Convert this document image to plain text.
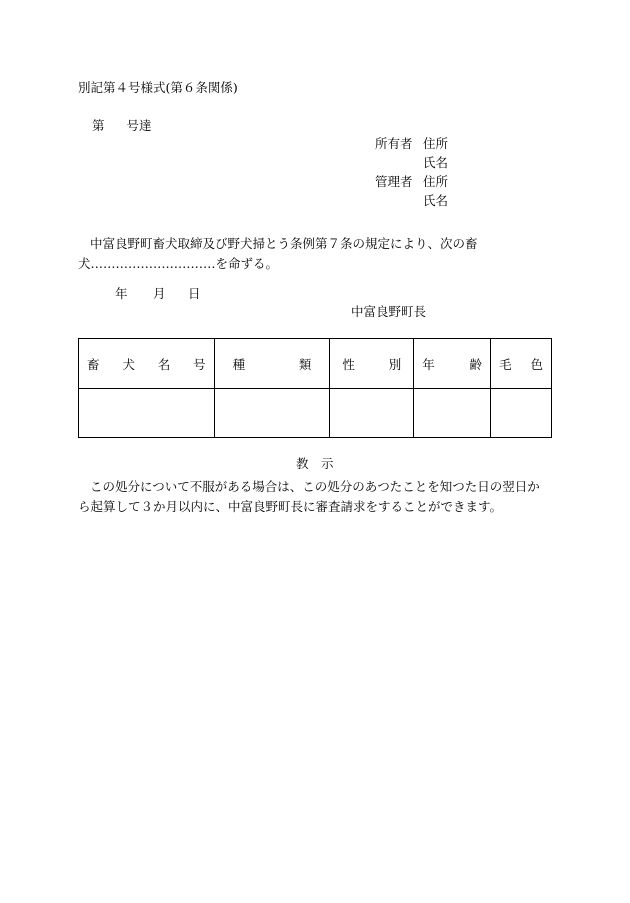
別記第４号様式(第６条関係)
第 号達
所有者 住所
氏名
管理者 住所
氏名
中富良野町畜犬取締及び野犬掃とう条例第７条の規定により、次の畜犬…………………………を命ずる。
年 月 日
中富良野町長
畜 犬 名 号	種 類	性 別	年 齢	毛 色

教　示
この処分について不服がある場合は、この処分のあつたことを知つた日の翌日から起算して３か月以内に、中富良野町長に審査請求をすることができます。
